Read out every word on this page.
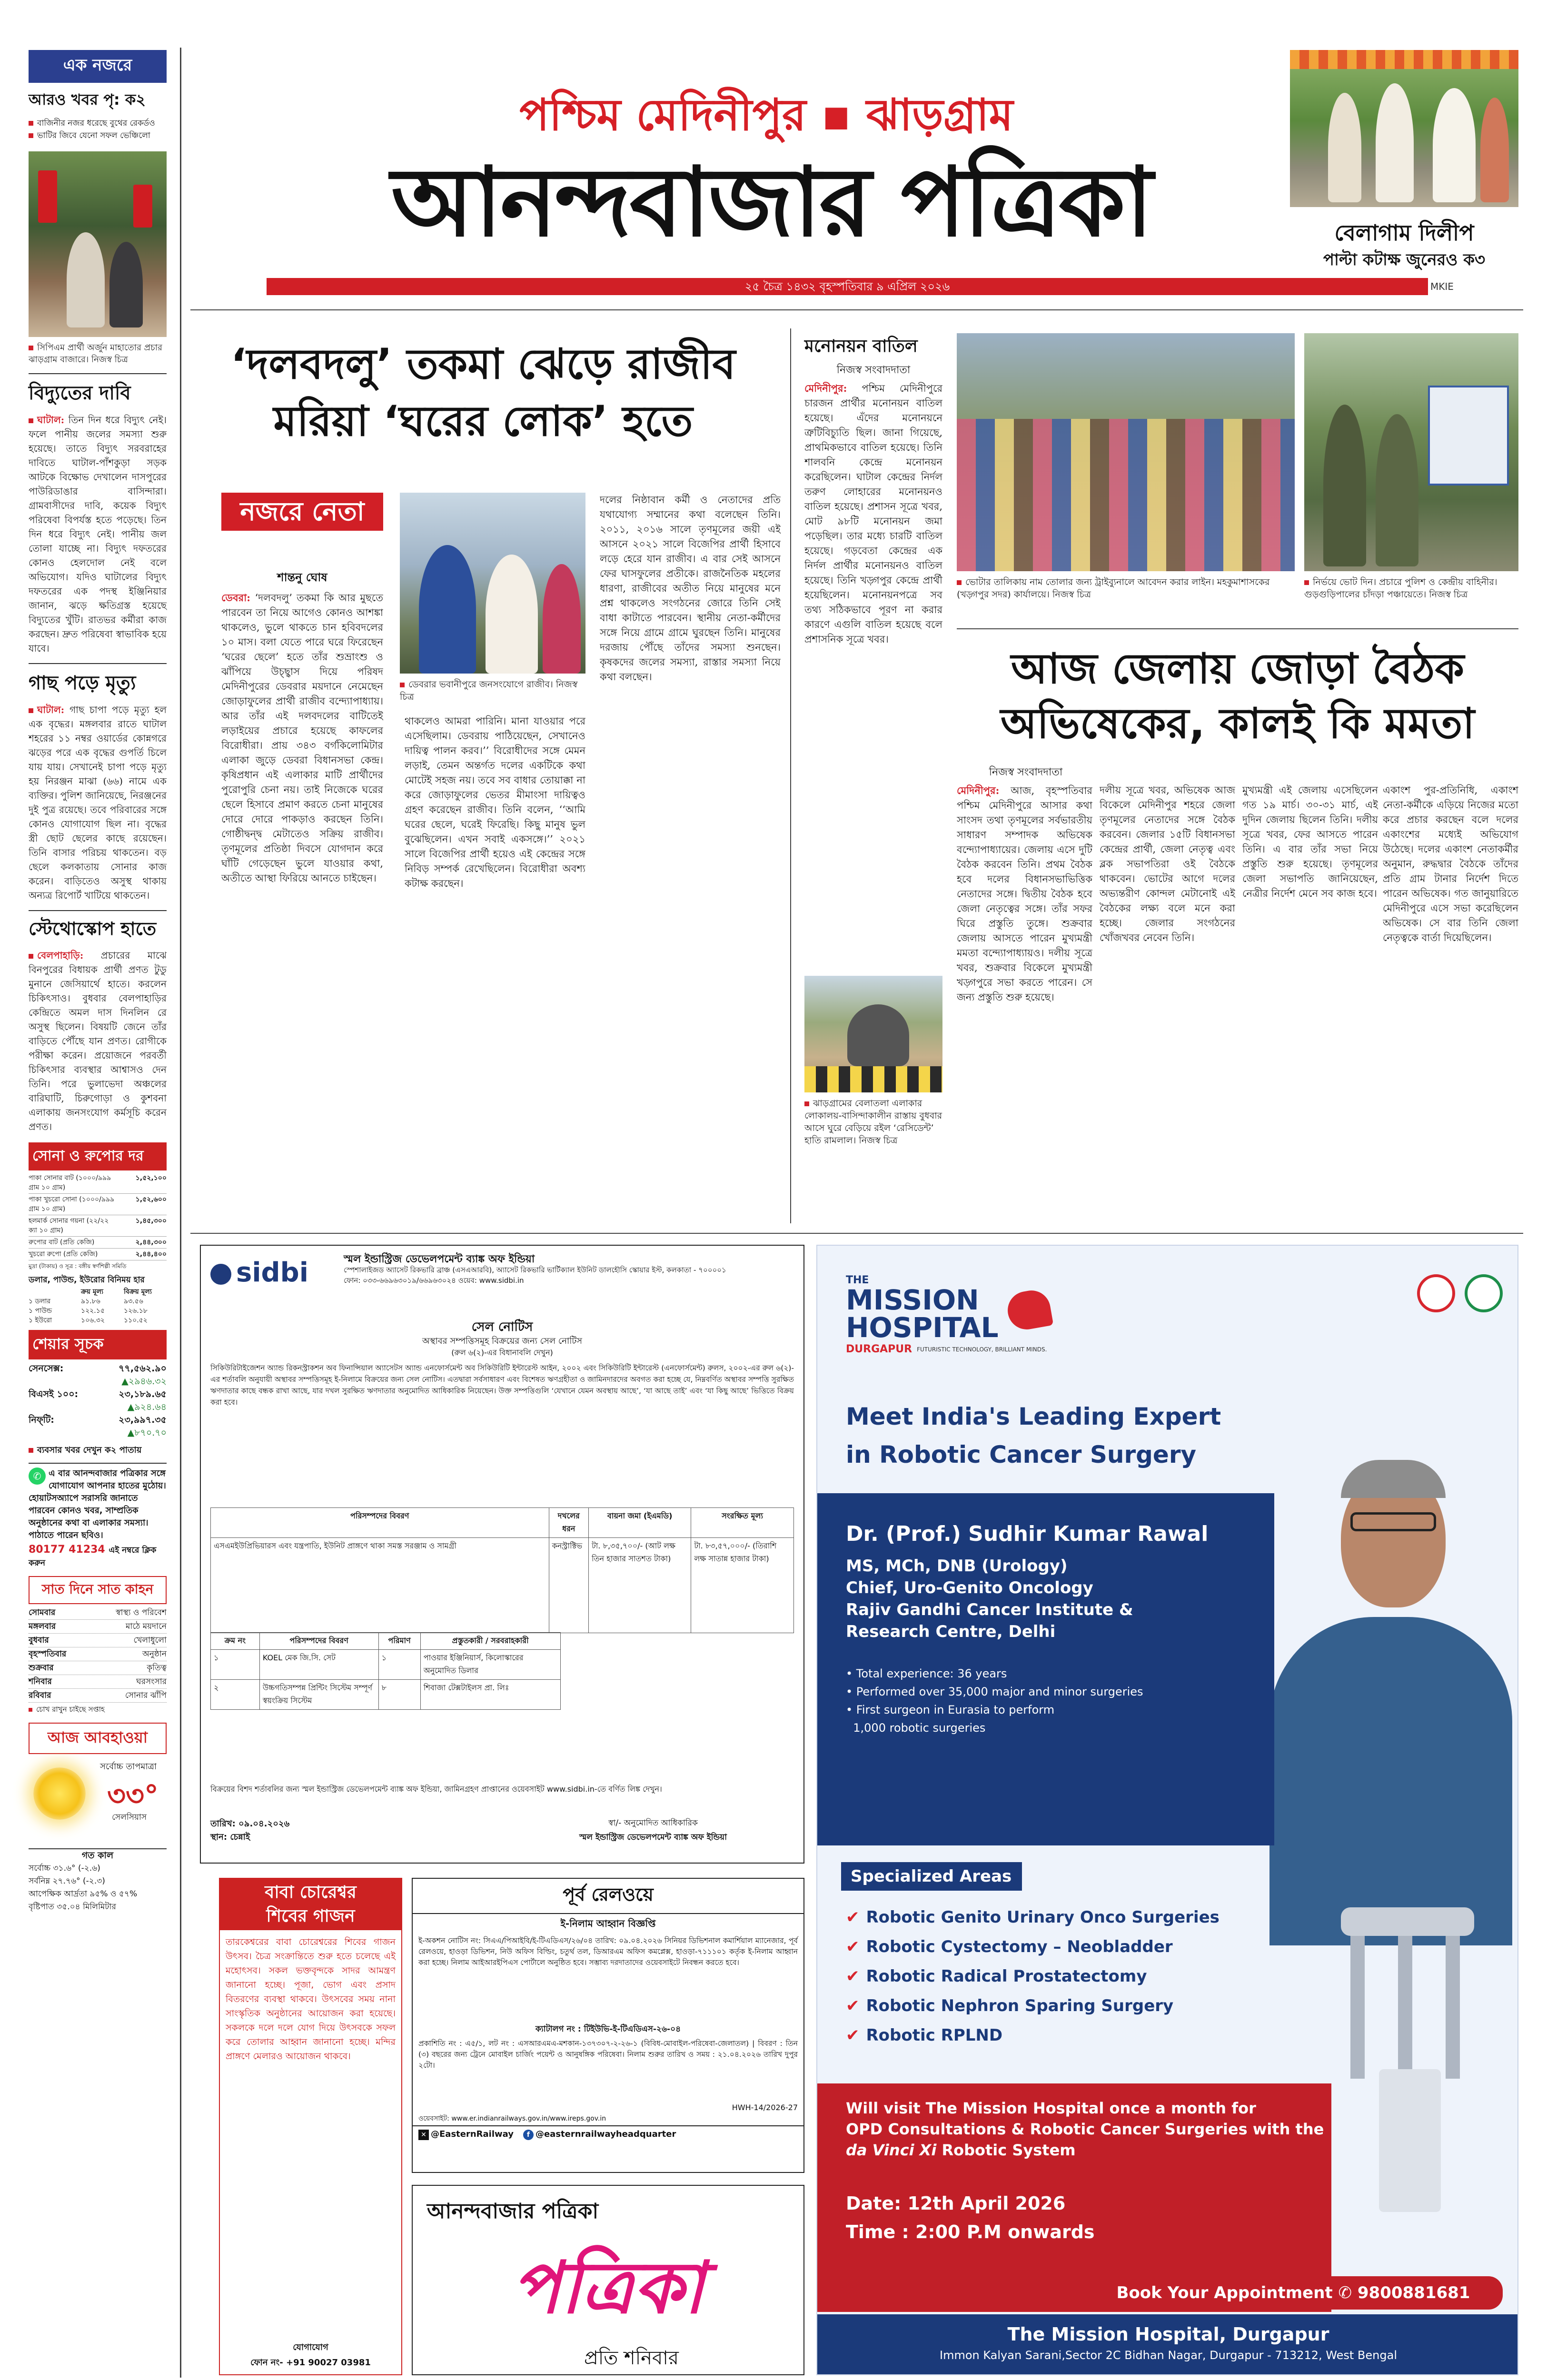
এক নজরে
আরও খবর পৃ: ক২
বাজিনীর নজর ধরেছে বুথের রেকর্ডও
ভাটির জিবে যেনো সফল ভেঞ্চিলো
সিপিএম প্রার্থী অর্জুন মাহাতোর প্রচার ঝাড়গ্রাম বাজারে। নিজস্ব চিত্র
বিদ্যুতের দাবি
ঘাটাল: তিন দিন ধরে বিদ্যুৎ নেই। ফলে পানীয় জলের সমস্যা শুরু হয়েছে। তাতে বিদ্যুৎ সরবরাহের দাবিতে ঘাটাল-পাঁশকুড়া সড়ক আটকে বিক্ষোভ দেখালেন দাসপুরের পাউরিডাঙার বাসিন্দারা। গ্রামবাসীদের দাবি, কয়েক বিদ্যুৎ পরিষেবা বিপর্যস্ত হতে পড়েছে। তিন দিন ধরে বিদ্যুৎ নেই। পানীয় জল তোলা যাচ্ছে না। বিদ্যুৎ দফতরের কোনও হেলদোল নেই বলে অভিযোগ। যদিও ঘাটালের বিদ্যুৎ দফতরের এক পদস্থ ইঞ্জিনিয়ার জানান, ঝড়ে ক্ষতিগ্রস্ত হয়েছে বিদ্যুতের খুঁটি। রাতভর কর্মীরা কাজ করছেন। দ্রুত পরিষেবা স্বাভাবিক হয়ে যাবে।
গাছ পড়ে মৃত্যু
ঘাটাল: গাছ চাপা পড়ে মৃত্যু হল এক বৃদ্ধের। মঙ্গলবার রাতে ঘাটাল শহরের ১১ নম্বর ওয়ার্ডের কোন্নগরে ঝড়ের পরে এক বৃদ্ধের গুপর্তি চিলে যায় যায়। সেখানেই চাপা পড়ে মৃত্যু হয় নিরঞ্জন মাঝা (৬৬) নামে এক ব্যক্তির। পুলিশ জানিয়েছে, নিরঞ্জনের দুই পুত্র রয়েছে। তবে পরিবারের সঙ্গে কোনও যোগাযোগ ছিল না। বৃদ্ধের স্ত্রী ছোট ছেলের কাছে রয়েছেন। তিনি বাসার পরিচয় থাকতেন। বড় ছেলে কলকাতায় সোনার কাজ করেন। বাড়িতেও অসুস্থ থাকায় অন্যত্র রিপোর্ট খাটিয়ে থাকতেন।
স্টেথোস্কোপ হাতে
বেলপাহাড়ি: প্রচারের মাঝে বিনপুরের বিধায়ক প্রার্থী প্রণত টুডু মুনানে জেসিয়ার্থে হাতে। করলেন চিকিৎসাও। বুধবার বেলপাহাড়ির কেন্দ্রিতে অমল দাস দিনলিন রে অসুস্থ ছিলেন। বিষয়টি জেনে তাঁর বাড়িতে পৌঁছে যান প্রণত। রোগীকে পরীক্ষা করেন। প্রয়োজনে পরবর্তী চিকিৎসার ব্যবস্থার আশ্বাসও দেন তিনি। পরে ভুলাভেদা অঞ্চলের বারিঘাটি, চিরুগোড়া ও কুশবনা এলাকায় জনসংযোগ কর্মসূচি করেন প্রণত।
সোনা ও রুপোর দর
পাকা সোনার বাট (১০০০/৯৯৯ গ্রাম ১০ গ্রাম)
১,৫২,১০০
পাকা খুচরো সোনা (১০০০/৯৯৯ গ্রাম ১০ গ্রাম)
১,৫২,৬০০
হলমার্ক সোনার গয়না (২২/২২ ক্যা ১০ গ্রাম)
১,৪৫,৩০০
রুপোর বাট (প্রতি কেজি)	২,৪৪,৩০০
খুচরো রুপো (প্রতি কেজি)	২,৪৪,৪০০
মুদ্রা (টাকায়) ও সূত্র : বঙ্গীয় স্বর্ণশিল্পী সমিতি
ডলার, পাউন্ড, ইউরোর বিনিময় হার
ক্রয় মূল্য	বিক্রয় মূল্য
১ ডলার	৯১.৮৬	৯৩.৫৬
১ পাউন্ড	১২২.১৫	১২৬.১৮
১ ইউরো	১০৬.৩২	১১০.৫২
শেয়ার সূচক
সেনসেক্স:	৭৭,৫৬২.৯০
▲২৯৪৬.৩২
বিএসই ১০০:	২৩,১৮৯.৬৫
▲৯২৪.৬৪
নিফ্‌টি:	২৩,৯৯৭.৩৫
▲৮৭০.৭০
ব্যবসার খবর দেখুন ক২ পাতায়
✆ এ বার আনন্দবাজার পত্রিকার সঙ্গে যোগাযোগ আপনার হাতের মুঠোয়। হোয়াটসঅ্যাপে সরাসরি জানাতে পারবেন কোনও খবর, সাম্প্রতিক অনুষ্ঠানের কথা বা এলাকার সমস্যা। পাঠাতে পারেন ছবিও।
80177 41234 এই নম্বরে ক্লিক করুন
সাত দিনে সাত কাহন
সোমবার	স্বাস্থ্য ও পরিবেশ
মঙ্গলবার	মাঠে ময়দানে
বুধবার	খেলাধুলো
বৃহস্পতিবার	অনুষ্ঠান
শুক্রবার	কৃতিত্ব
শনিবার	ঘরসংসার
রবিবার	সোনার ঝাঁপি
চোখ রাখুন চাইছে সপ্তাহ
আজ আবহাওয়া
সর্বোচ্চ তাপমাত্রা
৩৩°
সেলসিয়াস
গত কাল
সর্বোচ্চ ৩১.৬° (-২.৬)
সর্বনিম্ন ২৭.৭৬° (-২.৩)
আপেক্ষিক আর্দ্রতা ৯৫% ও ৫৭%
বৃষ্টিপাত ৩৫.০৪ মিলিমিটার
পশ্চিম মেদিনীপুর ▪ ঝাড়গ্রাম
আনন্দবাজার পত্রিকা
২৫ চৈত্র ১৪৩২ বৃহস্পতিবার ৯ এপ্রিল ২০২৬	MKIE
বেলাগাম দিলীপ
পাল্টা কটাক্ষ জুনেরও ক৩
‘দলবদলু’ তকমা ঝেড়ে রাজীব
মরিয়া ‘ঘরের লোক’ হতে
নজরে নেতা
ডেবরার ভবানীপুরে জনসংযোগে রাজীব। নিজস্ব চিত্র
শান্তনু ঘোষ
ডেবরা: ‘দলবদলু’ তকমা কি আর মুছতে পারবেন তা নিয়ে আগেও কোনও আশঙ্কা থাকলেও, ভুলে থাকতে চান হবিবদলের ১০ মাস। বলা যেতে পারে ঘরে ফিরেছেন ‘ঘরের ছেলে’ হতে তাঁর শুভ্রাংশু ও ঝাঁপিয়ে উচ্ছ্বাস দিয়ে পরিষদ মেদিনীপুরের ডেবরার ময়দানে নেমেছেন জোড়াফুলের প্রার্থী রাজীব বন্দ্যোপাধ্যায়। আর তাঁর এই দলবদলের বাটিতেই লড়াইয়ের প্রচারে হয়েছে কাফলের বিরোধীরা। প্রায় ৩৪৩ বর্গকিলোমিটার এলাকা জুড়ে ডেবরা বিধানসভা কেন্দ্র। কৃষিপ্রধান এই এলাকার মাটি প্রার্থীদের পুরোপুরি চেনা নয়। তাই নিজেকে ঘরের ছেলে হিসাবে প্রমাণ করতে চেনা মানুষের দোরে দোরে পাকড়াও করছেন তিনি। গোষ্ঠীদ্বন্দ্ব মেটাতেও সক্রিয় রাজীব। তৃণমূলের প্রতিষ্ঠা দিবসে যোগদান করে ঘাঁটি গেড়েছেন ভুলে যাওয়ার কথা, অতীতে আস্থা ফিরিয়ে আনতে চাইছেন।
থাকলেও আমরা পারিনি। মানা যাওয়ার পরে এসেছিলাম। ডেবরায় পাঠিয়েছেন, সেখানেও দায়িত্ব পালন করব।’’ বিরোধীদের সঙ্গে মেমন লড়াই, তেমন অন্তর্গত দলের একটিকে কথা মোটেই সহজ নয়। তবে সব বাধার তোয়াক্কা না করে জোড়াফুলের ভেতর মীমাংসা দায়িত্বও গ্রহণ করেছেন রাজীব। তিনি বলেন, ‘‘আমি ঘরের ছেলে, ঘরেই ফিরেছি। কিছু মানুষ ভুল বুঝেছিলেন। এখন সবাই একসঙ্গে।’’ ২০২১ সালে বিজেপির প্রার্থী হয়েও এই কেন্দ্রের সঙ্গে নিবিড় সম্পর্ক রেখেছিলেন। বিরোধীরা অবশ্য কটাক্ষ করছেন।
দলের নিষ্ঠাবান কর্মী ও নেতাদের প্রতি যথাযোগ্য সম্মানের কথা বলেছেন তিনি। ২০১১, ২০১৬ সালে তৃণমূলের জয়ী এই আসনে ২০২১ সালে বিজেপির প্রার্থী হিসাবে লড়ে হেরে যান রাজীব। এ বার সেই আসনে ফের ঘাসফুলের প্রতীকে। রাজনৈতিক মহলের ধারণা, রাজীবের অতীত নিয়ে মানুষের মনে প্রশ্ন থাকলেও সংগঠনের জোরে তিনি সেই বাধা কাটাতে পারবেন। স্থানীয় নেতা-কর্মীদের সঙ্গে নিয়ে গ্রামে গ্রামে ঘুরছেন তিনি। মানুষের দরজায় পৌঁছে তাঁদের সমস্যা শুনছেন। কৃষকদের জলের সমস্যা, রাস্তার সমস্যা নিয়ে কথা বলছেন।
মনোনয়ন বাতিল
নিজস্ব সংবাদদাতা
মেদিনীপুর: পশ্চিম মেদিনীপুরে চারজন প্রার্থীর মনোনয়ন বাতিল হয়েছে। এঁদের মনোনয়নে ত্রুটিবিচ্যুতি ছিল। জানা গিয়েছে, প্রাথমিকভাবে বাতিল হয়েছে। তিনি শালবনি কেন্দ্রে মনোনয়ন করেছিলেন। ঘাটাল কেন্দ্রের নির্দল তরুণ লোহারের মনোনয়নও বাতিল হয়েছে। প্রশাসন সূত্রে খবর, মোট ৯৮টি মনোনয়ন জমা পড়েছিল। তার মধ্যে চারটি বাতিল হয়েছে। গড়বেতা কেন্দ্রের এক নির্দল প্রার্থীর মনোনয়নও বাতিল হয়েছে। তিনি খড়্গপুর কেন্দ্রে প্রার্থী হয়েছিলেন। মনোনয়নপত্রে সব তথ্য সঠিকভাবে পূরণ না করার কারণে এগুলি বাতিল হয়েছে বলে প্রশাসনিক সূত্রে খবর।
ভোটার তালিকায় নাম তোলার জন্য ট্রাইব্যুনালে আবেদন করার লাইন। মহকুমাশাসকের (খড়্গপুর সদর) কার্যালয়ে। নিজস্ব চিত্র
নির্ভয়ে ভোট দিন। প্রচারে পুলিশ ও কেন্দ্রীয় বাহিনীর। গুড়গুড়িপালের চাঁদড়া পঞ্চায়েতে। নিজস্ব চিত্র
ঝাড়গ্রামের বেলাতলা এলাকার লোকালয়-বাসিন্দাকালীন রাস্তায় বুধবার আসে ঘুরে বেড়িয়ে রইল ‘রেসিডেন্ট’ হাতি রামলাল। নিজস্ব চিত্র
আজ জেলায় জোড়া বৈঠক
অভিষেকের, কালই কি মমতা
নিজস্ব সংবাদদাতা
মেদিনীপুর: আজ, বৃহস্পতিবার পশ্চিম মেদিনীপুরে আসার কথা সাংসদ তথা তৃণমূলের সর্বভারতীয় সাধারণ সম্পাদক অভিষেক বন্দ্যোপাধ্যায়ের। জেলায় এসে দুটি বৈঠক করবেন তিনি। প্রথম বৈঠক হবে দলের বিধানসভাভিত্তিক নেতাদের সঙ্গে। দ্বিতীয় বৈঠক হবে জেলা নেতৃত্বের সঙ্গে। তাঁর সফর ঘিরে প্রস্তুতি তুঙ্গে। শুক্রবার জেলায় আসতে পারেন মুখ্যমন্ত্রী মমতা বন্দ্যোপাধ্যায়ও। দলীয় সূত্রে খবর, শুক্রবার বিকেলে মুখ্যমন্ত্রী খড়্গপুরে সভা করতে পারেন। সে জন্য প্রস্তুতি শুরু হয়েছে।
দলীয় সূত্রে খবর, অভিষেক আজ বিকেলে মেদিনীপুর শহরে জেলা তৃণমূলের নেতাদের সঙ্গে বৈঠক করবেন। জেলার ১৫টি বিধানসভা কেন্দ্রের প্রার্থী, জেলা নেতৃত্ব এবং ব্লক সভাপতিরা ওই বৈঠকে থাকবেন। ভোটের আগে দলের অভ্যন্তরীণ কোন্দল মেটানোই এই বৈঠকের লক্ষ্য বলে মনে করা হচ্ছে। জেলার সংগঠনের খোঁজখবর নেবেন তিনি।
মুখ্যমন্ত্রী এই জেলায় এসেছিলেন গত ১৯ মার্চ। ৩০-৩১ মার্চ, এই দুদিন জেলায় ছিলেন তিনি। দলীয় সূত্রে খবর, ফের আসতে পারেন তিনি। এ বার তাঁর সভা নিয়ে প্রস্তুতি শুরু হয়েছে। তৃণমূলের জেলা সভাপতি জানিয়েছেন, নেত্রীর নির্দেশ মেনে সব কাজ হবে।
একাংশ পুর-প্রতিনিধি, একাংশ নেতা-কর্মীকে এড়িয়ে নিজের মতো করে প্রচার করছেন বলে দলের একাংশের মধ্যেই অভিযোগ উঠেছে। দলের একাংশ নেতাকর্মীর অনুমান, রুদ্ধদ্বার বৈঠকে তাঁদের প্রতি গ্রাম টানার নির্দেশ দিতে পারেন অভিষেক। গত জানুয়ারিতে মেদিনীপুরে এসে সভা করেছিলেন অভিষেক। সে বার তিনি জেলা নেতৃত্বকে বার্তা দিয়েছিলেন।
sidbi	স্মল ইন্ডাস্ট্রিজ ডেভেলপমেন্ট ব্যাঙ্ক অফ ইন্ডিয়া
স্পেশালাইজড অ্যাসেট রিকভারি ব্রাঞ্চ (এসএআরবি), অ্যাসেট রিকভারি ভার্টিক্যাল ইউনিট ডালহৌসি স্কোয়ার ইস্ট, কলকাতা - ৭০০০০১
ফোন: ০৩৩-৬৬৯৬৩০১৯/৬৬৯৬৩০২৪ ওয়েব: www.sidbi.in
সেল নোটিস
অস্থাবর সম্পত্তিসমূহ বিক্রয়ের জন্য সেল নোটিস
(রুল ৬(২)-এর বিধানাবলি দেখুন)
সিকিউরিটাইজেশন অ্যান্ড রিকনস্ট্রাকশন অব ফিনান্সিয়াল অ্যাসেটস অ্যান্ড এনফোর্সমেন্ট অব সিকিউরিটি ইন্টারেস্ট আইন, ২০০২ এবং সিকিউরিটি ইন্টারেস্ট (এনফোর্সমেন্ট) রুলস, ২০০২-এর রুল ৬(২)-এর শর্তাবলি অনুযায়ী অস্থাবর সম্পত্তিসমূহ ই-নিলামে বিক্রয়ের জন্য সেল নোটিস। এতদ্বারা সর্বসাধারণ এবং বিশেষত ঋণগ্রহীতা ও জামিনদারদের অবগত করা হচ্ছে যে, নিম্নবর্ণিত অস্থাবর সম্পত্তি সুরক্ষিত ঋণদাতার কাছে বন্ধক রাখা আছে, যার দখল সুরক্ষিত ঋণদাতার অনুমোদিত আধিকারিক নিয়েছেন। উক্ত সম্পত্তিগুলি ‘যেখানে যেমন অবস্থায় আছে’, ‘যা আছে তাই’ এবং ‘যা কিছু আছে’ ভিত্তিতে বিক্রয় করা হবে।
পরিসম্পদের বিবরণ	দখলের ধরন	বায়না জমা (ইএমডি)	সংরক্ষিত মূল্য
এসএমইউপ্রিভিয়ারস এবং যন্ত্রপাতি, ইউনিট প্রাঙ্গণে থাকা সমস্ত সরঞ্জাম ও সামগ্রী	কনস্ট্রাক্টিভ	টা. ৮,৩৫,৭০০/- (আট লক্ষ তিন হাজার সাতশত টাকা)	টা. ৮৩,৫৭,০০০/- (তিরাশি লক্ষ সাতান্ন হাজার টাকা)
ক্রম নং	পরিসম্পদের বিবরণ	পরিমাণ	প্রস্তুতকারী / সরবরাহকারী
১	KOEL মেক জি.সি. সেট	১	পাওয়ার ইঞ্জিনিয়ার্স, কিলোস্কারের অনুমোদিত ডিলার
২	উচ্চগতিসম্পন্ন প্রিন্টিং সিস্টেম সম্পূর্ণ স্বয়ংক্রিয় সিস্টেম	৮	শিবাজা টেক্সটাইলস প্রা. লিঃ
বিক্রয়ের বিশদ শর্তাবলির জন্য স্মল ইন্ডাস্ট্রিজ ডেভেলপমেন্ট ব্যাঙ্ক অফ ইন্ডিয়া, জামিনগ্রহণ প্রাপ্তানের ওয়েবসাইট www.sidbi.in-তে বর্ণিত লিঙ্ক দেখুন।
তারিখ: ০৯.০৪.২০২৬
স্থান: চেন্নাই
স্বা/- অনুমোদিত আধিকারিক
স্মল ইন্ডাস্ট্রিজ ডেভেলপমেন্ট ব্যাঙ্ক অফ ইন্ডিয়া
বাবা চোরেশ্বর
শিবের গাজন
তারকেশ্বরের বাবা চোরেশ্বরের শিবের গাজন উৎসব। চৈত্র সংক্রান্তিতে শুরু হতে চলেছে এই মহোৎসব। সকল ভক্তবৃন্দকে সাদর আমন্ত্রণ জানানো হচ্ছে। পূজা, ভোগ এবং প্রসাদ বিতরণের ব্যবস্থা থাকবে। উৎসবের সময় নানা সাংস্কৃতিক অনুষ্ঠানের আয়োজন করা হয়েছে। সকলকে দলে দলে যোগ দিয়ে উৎসবকে সফল করে তোলার আহ্বান জানানো হচ্ছে। মন্দির প্রাঙ্গণে মেলারও আয়োজন থাকবে।
যোগাযোগ
ফোন নং- +91 90027 03981
পূর্ব রেলওয়ে
ই-নিলাম আহ্বান বিজ্ঞপ্তি
ই-অকশন নোটিস নং: সিএএ/পিআইবি/ই-টিএডিএস/২৬/০৪ তারিখ: ০৯.০৪.২০২৬ সিনিয়র ডিভিশনাল কমার্শিয়াল ম্যানেজার, পূর্ব রেলওয়ে, হাওড়া ডিভিশন, নিউ অফিস বিল্ডিং, চতুর্থ তল, ডিআরএম অফিস কমপ্লেক্স, হাওড়া-৭১১১০১ কর্তৃক ই-নিলাম আহ্বান করা হচ্ছে। নিলাম আইআরইপিএস পোর্টালে অনুষ্ঠিত হবে। সম্ভাব্য দরদাতাদের ওয়েবসাইটে নিবন্ধন করতে হবে।
ক্যাটালগ নং : টিইউভি-ই-টিএডিএস-২৬-০৪
প্রকাশিতি নং : এ৫/১, লট নং : এসআরএমএ-মশকান-১৩৭৩০৭-২-২৬-১ (বিবিধ-মোবাইল-পরিষেবা-জেলাতল) | বিবরণ : তিন (৩) বছরের জন্য ট্রেনে মোবাইল চার্জিং পয়েন্ট ও আনুষঙ্গিক পরিষেবা। নিলাম শুরুর তারিখ ও সময় : ২১.০৪.২০২৬ তারিখ দুপুর ২টো।
HWH-14/2026-27
ওয়েবসাইট: www.er.indianrailways.gov.in/www.ireps.gov.in
✕ @EasternRailway	f @easternrailwayheadquarter
আনন্দবাজার পত্রিকা
পত্রিকা
প্রতি শনিবার
THE
MISSION
HOSPITAL
DURGAPUR FUTURISTIC TECHNOLOGY, BRILLIANT MINDS.
Meet India's Leading Expert
in Robotic Cancer Surgery
Dr. (Prof.) Sudhir Kumar Rawal
MS, MCh, DNB (Urology)
Chief, Uro-Genito Oncology
Rajiv Gandhi Cancer Institute &
Research Centre, Delhi
• Total experience: 36 years
• Performed over 35,000 major and minor surgeries
• First surgeon in Eurasia to perform
1,000 robotic surgeries
Specialized Areas
✔ Robotic Genito Urinary Onco Surgeries
✔ Robotic Cystectomy – Neobladder
✔ Robotic Radical Prostatectomy
✔ Robotic Nephron Sparing Surgery
✔ Robotic RPLND
Will visit The Mission Hospital once a month for
OPD Consultations & Robotic Cancer Surgeries with the
da Vinci Xi Robotic System
Date: 12th April 2026
Time : 2:00 P.M onwards
Book Your Appointment ✆ 9800881681
The Mission Hospital, Durgapur
Immon Kalyan Sarani,Sector 2C Bidhan Nagar, Durgapur - 713212, West Bengal
